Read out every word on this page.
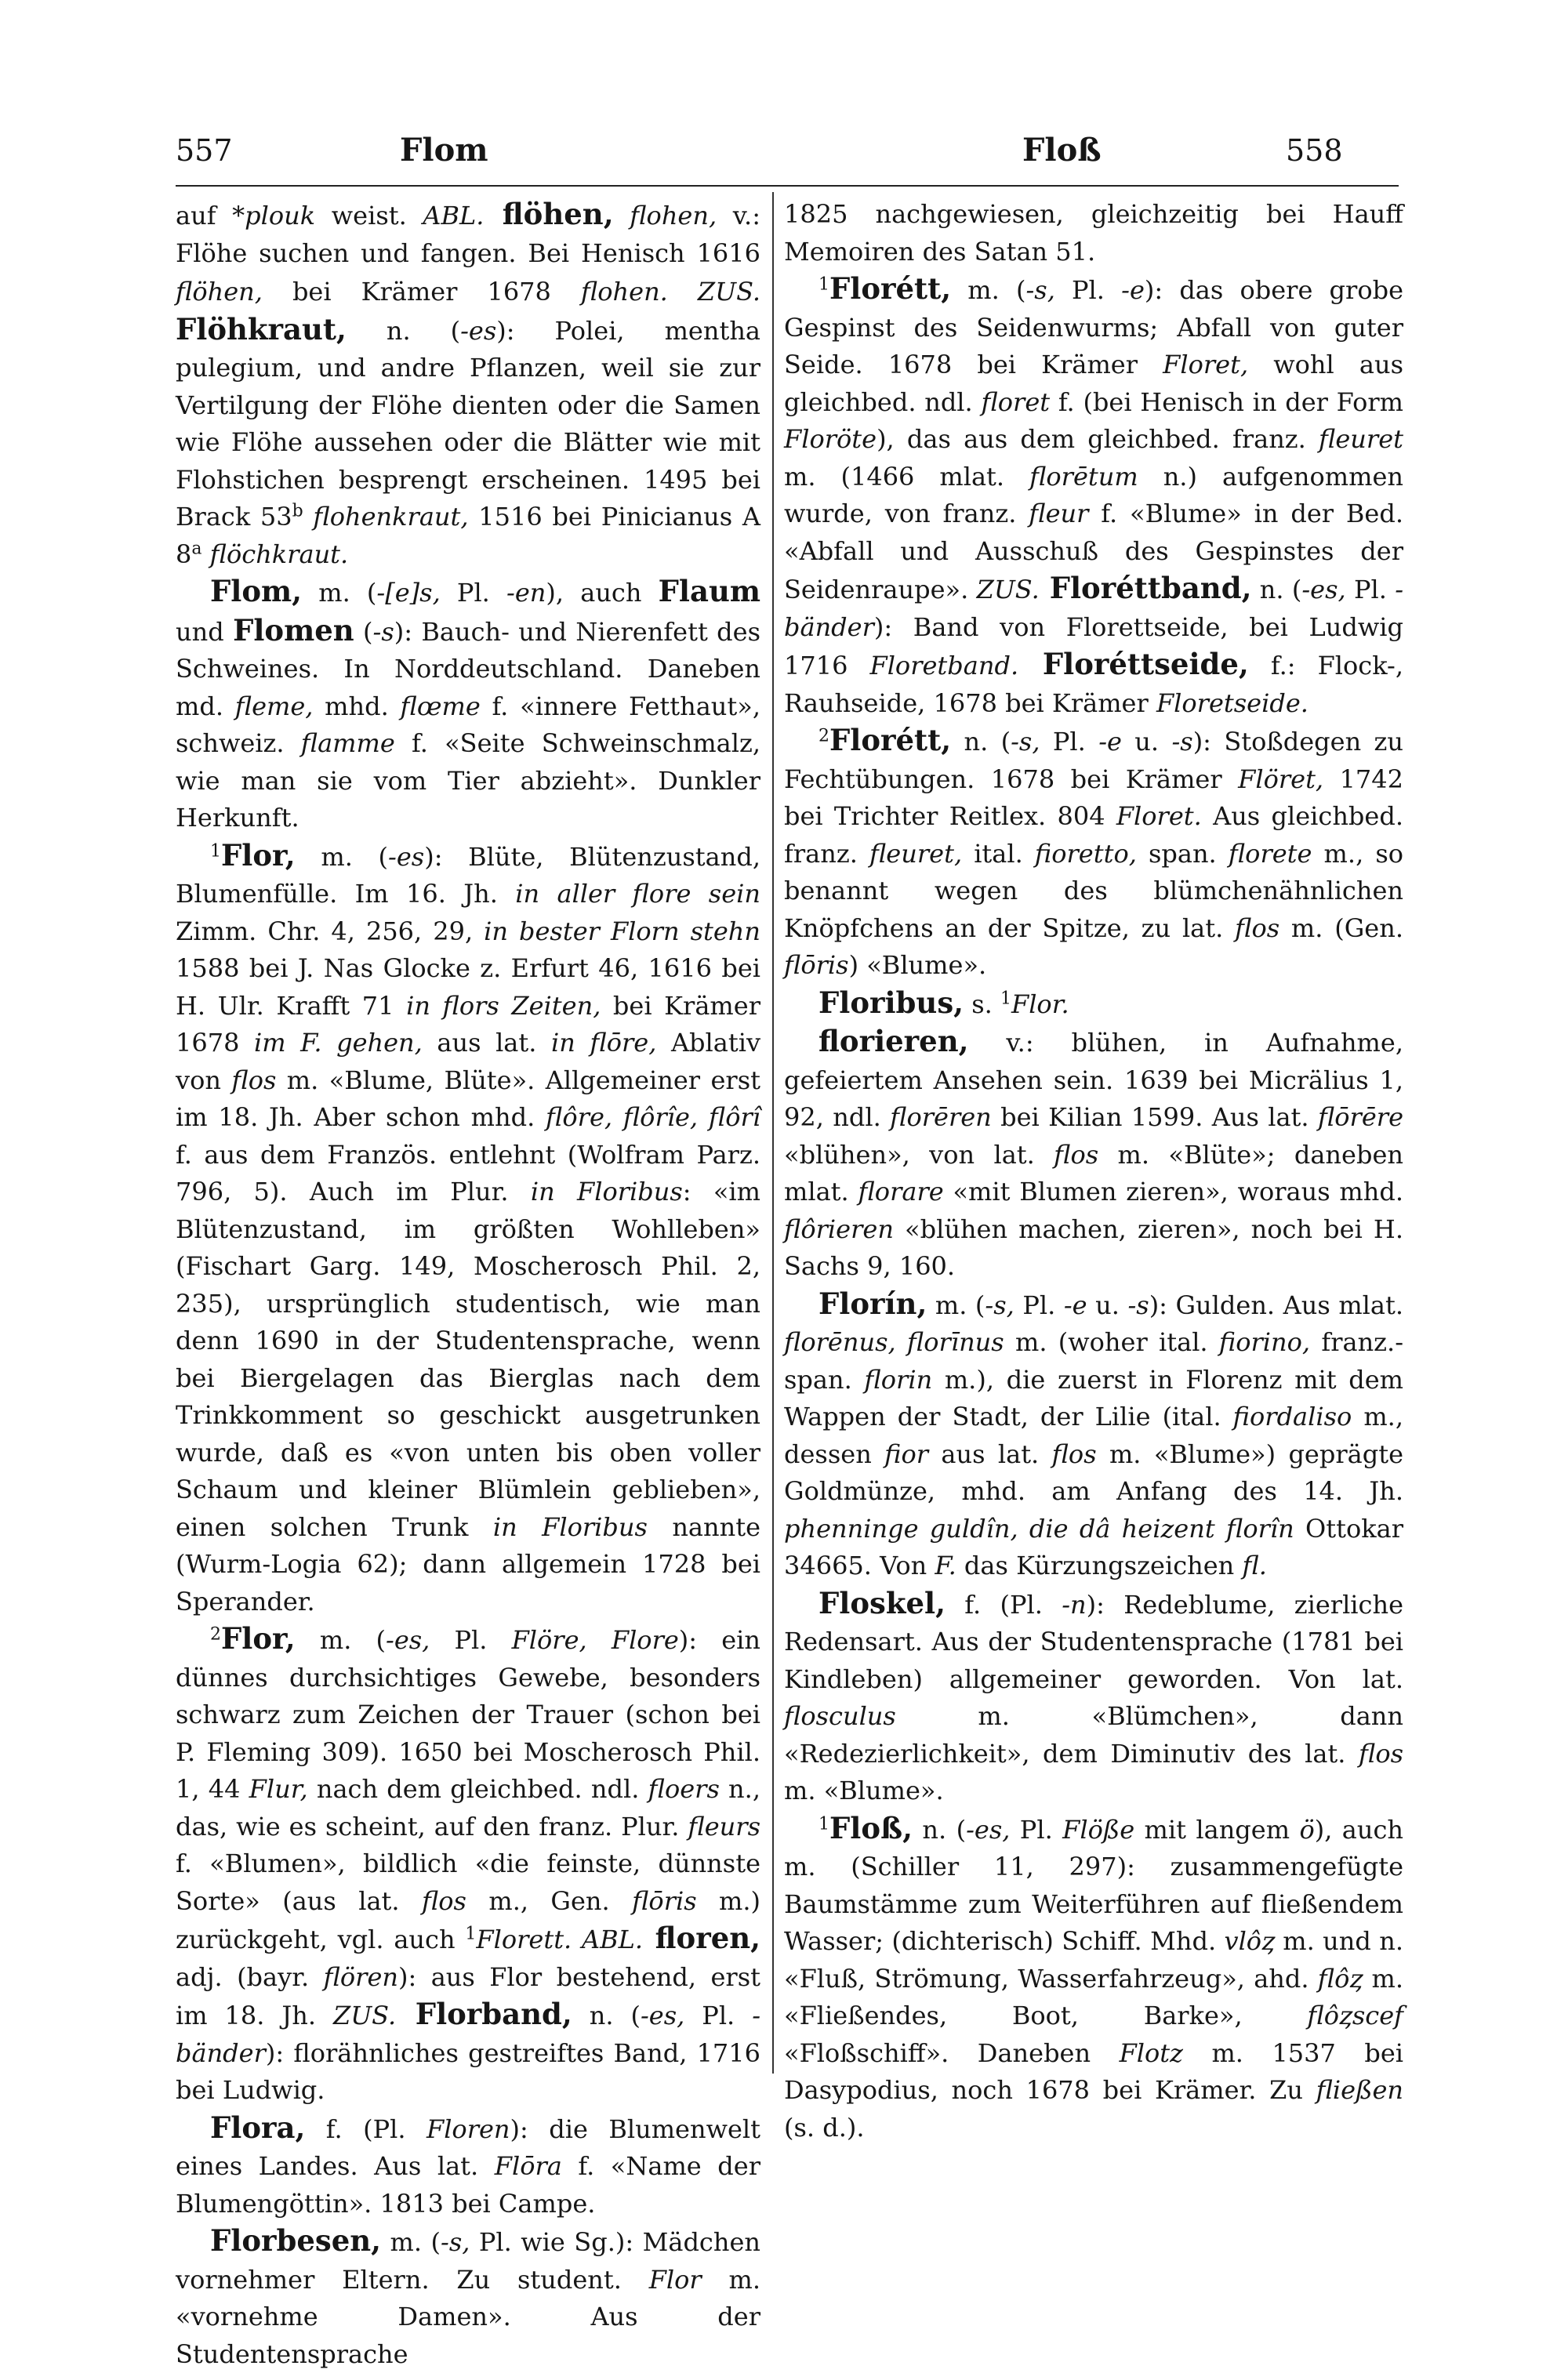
557	Flom	Floß	558

auf *plouk weist. ABL. flöhen, flohen, v.: Flöhe suchen und fangen. Bei Henisch 1616 flöhen, bei Krämer 1678 flohen. ZUS. Flöhkraut, n. (-es): Polei, mentha pulegium, und andre Pflanzen, weil sie zur Vertilgung der Flöhe dienten oder die Samen wie Flöhe aussehen oder die Blätter wie mit Flohstichen besprengt erscheinen. 1495 bei Brack 53$^b$ flohenkraut, 1516 bei Pinicianus A 8$^a$ flöchkraut.

Flom, m. (-[e]s, Pl. -en), auch Flaum und Flomen (-s): Bauch- und Nierenfett des Schweines. In Norddeutschland. Daneben md. fleme, mhd. flœme f. «innere Fetthaut», schweiz. flamme f. «Seite Schweinschmalz, wie man sie vom Tier abzieht». Dunkler Herkunft.

$^1$Flor, m. (-es): Blüte, Blütenzustand, Blumenfülle. Im 16. Jh. in aller flore sein Zimm. Chr. 4, 256, 29, in bester Florn stehn 1588 bei J. Nas Glocke z. Erfurt 46, 1616 bei H. Ulr. Krafft 71 in flors Zeiten, bei Krämer 1678 im F. gehen, aus lat. in flōre, Ablativ von flos m. «Blume, Blüte». Allgemeiner erst im 18. Jh. Aber schon mhd. flôre, flôrîe, flôrî f. aus dem Französ. entlehnt (Wolfram Parz. 796, 5). Auch im Plur. in Floribus: «im Blütenzustand, im größten Wohlleben» (Fischart Garg. 149, Moscherosch Phil. 2, 235), ursprünglich studentisch, wie man denn 1690 in der Studentensprache, wenn bei Biergelagen das Bierglas nach dem Trinkkomment so geschickt ausgetrunken wurde, daß es «von unten bis oben voller Schaum und kleiner Blümlein geblieben», einen solchen Trunk in Floribus nannte (Wurm-Logia 62); dann allgemein 1728 bei Sperander.

$^2$Flor, m. (-es, Pl. Flöre, Flore): ein dünnes durchsichtiges Gewebe, besonders schwarz zum Zeichen der Trauer (schon bei P. Fleming 309). 1650 bei Moscherosch Phil. 1, 44 Flur, nach dem gleichbed. ndl. floers n., das, wie es scheint, auf den franz. Plur. fleurs f. «Blumen», bildlich «die feinste, dünnste Sorte» (aus lat. flos m., Gen. flōris m.) zurückgeht, vgl. auch $^1$Florett. ABL. floren, adj. (bayr. flören): aus Flor bestehend, erst im 18. Jh. ZUS. Florband, n. (-es, Pl. -bänder): florähnliches gestreiftes Band, 1716 bei Ludwig.

Flora, f. (Pl. Floren): die Blumenwelt eines Landes. Aus lat. Flōra f. «Name der Blumengöttin». 1813 bei Campe.

Florbesen, m. (-s, Pl. wie Sg.): Mädchen vornehmer Eltern. Zu student. Flor m. «vornehme Damen». Aus der Studentensprache

1825 nachgewiesen, gleichzeitig bei Hauff Memoiren des Satan 51.

$^1$Florétt, m. (-s, Pl. -e): das obere grobe Gespinst des Seidenwurms; Abfall von guter Seide. 1678 bei Krämer Floret, wohl aus gleichbed. ndl. floret f. (bei Henisch in der Form Floröte), das aus dem gleichbed. franz. fleuret m. (1466 mlat. florētum n.) aufgenommen wurde, von franz. fleur f. «Blume» in der Bed. «Abfall und Ausschuß des Gespinstes der Seidenraupe». ZUS. Floréttband, n. (-es, Pl. -bänder): Band von Florettseide, bei Ludwig 1716 Floretband. Floréttseide, f.: Flock-, Rauhseide, 1678 bei Krämer Floretseide.

$^2$Florétt, n. (-s, Pl. -e u. -s): Stoßdegen zu Fechtübungen. 1678 bei Krämer Flöret, 1742 bei Trichter Reitlex. 804 Floret. Aus gleichbed. franz. fleuret, ital. fioretto, span. florete m., so benannt wegen des blümchenähnlichen Knöpfchens an der Spitze, zu lat. flos m. (Gen. flōris) «Blume».

Floribus, s. $^1$Flor.

florieren, v.: blühen, in Aufnahme, gefeiertem Ansehen sein. 1639 bei Micrälius 1, 92, ndl. florēren bei Kilian 1599. Aus lat. flōrēre «blühen», von lat. flos m. «Blüte»; daneben mlat. florare «mit Blumen zieren», woraus mhd. flôrieren «blühen machen, zieren», noch bei H. Sachs 9, 160.

Florín, m. (-s, Pl. -e u. -s): Gulden. Aus mlat. florēnus, florīnus m. (woher ital. fiorino, franz.-span. florin m.), die zuerst in Florenz mit dem Wappen der Stadt, der Lilie (ital. fiordaliso m., dessen fior aus lat. flos m. «Blume») geprägte Goldmünze, mhd. am Anfang des 14. Jh. phenninge guldîn, die dâ heizent florîn Ottokar 34665. Von F. das Kürzungszeichen fl.

Floskel, f. (Pl. -n): Redeblume, zierliche Redensart. Aus der Studentensprache (1781 bei Kindleben) allgemeiner geworden. Von lat. flosculus m. «Blümchen», dann «Redezierlichkeit», dem Diminutiv des lat. flos m. «Blume».

$^1$Floß, n. (-es, Pl. Flöße mit langem ö), auch m. (Schiller 11, 297): zusammengefügte Baumstämme zum Weiterführen auf fließendem Wasser; (dichterisch) Schiff. Mhd. vlôȥ m. und n. «Fluß, Strömung, Wasserfahrzeug», ahd. flôȥ m. «Fließendes, Boot, Barke», flôȥscef «Floßschiff». Daneben Flotz m. 1537 bei Dasypodius, noch 1678 bei Krämer. Zu fließen (s. d.).
